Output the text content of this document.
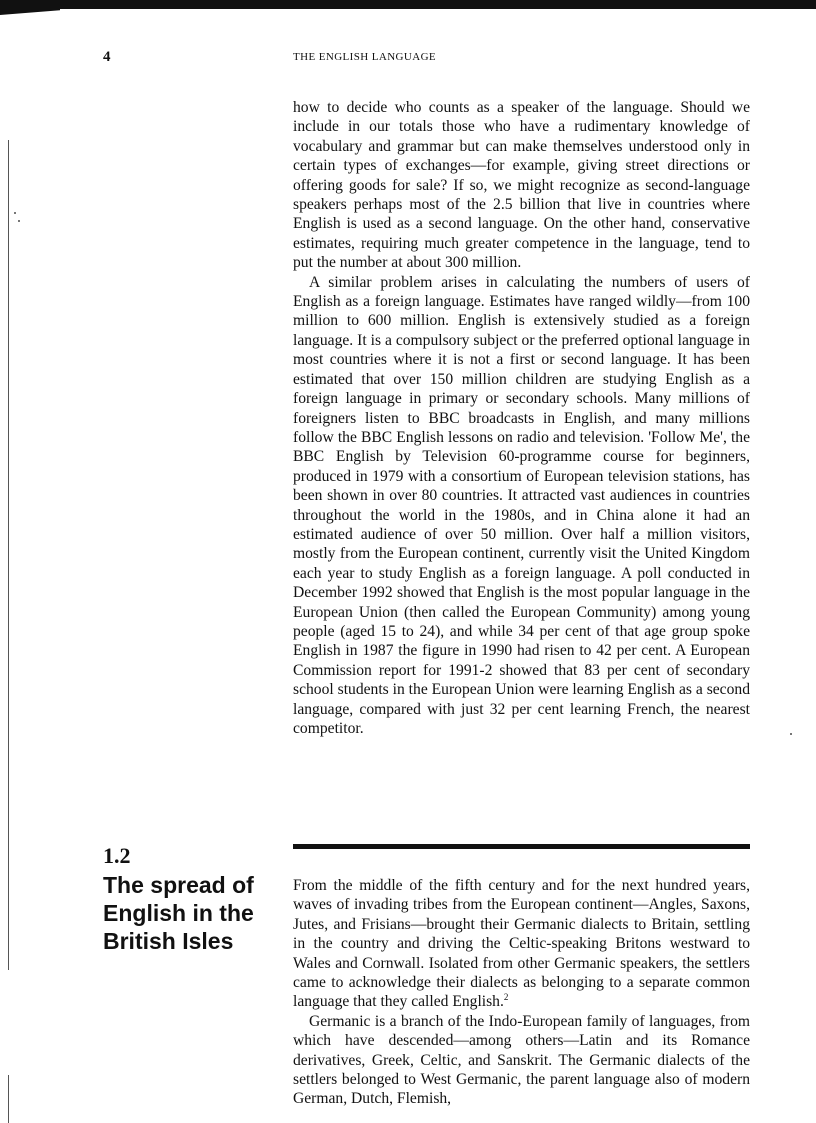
4	THE ENGLISH LANGUAGE

how to decide who counts as a speaker of the language. Should we include in our totals those who have a rudimentary knowledge of vocabulary and grammar but can make themselves understood only in certain types of exchanges—for example, giving street directions or offering goods for sale? If so, we might recognize as second-language speakers perhaps most of the 2.5 billion that live in countries where English is used as a second language. On the other hand, conservative estimates, requiring much greater competence in the language, tend to put the number at about 300 million.

A similar problem arises in calculating the numbers of users of English as a foreign language. Estimates have ranged wildly—from 100 million to 600 million. English is extensively studied as a foreign language. It is a compulsory subject or the preferred optional language in most countries where it is not a first or second language. It has been estimated that over 150 million children are studying English as a foreign language in primary or secondary schools. Many millions of foreigners listen to BBC broadcasts in English, and many millions follow the BBC English lessons on radio and television. 'Follow Me', the BBC English by Television 60-programme course for beginners, produced in 1979 with a consortium of European television stations, has been shown in over 80 countries. It attracted vast audiences in countries throughout the world in the 1980s, and in China alone it had an estimated audience of over 50 million. Over half a million visitors, mostly from the European continent, currently visit the United Kingdom each year to study English as a foreign language. A poll conducted in December 1992 showed that English is the most popular language in the European Union (then called the European Community) among young people (aged 15 to 24), and while 34 per cent of that age group spoke English in 1987 the figure in 1990 had risen to 42 per cent. A European Commission report for 1991-2 showed that 83 per cent of secondary school students in the European Union were learning English as a second language, compared with just 32 per cent learning French, the nearest competitor.

1.2
The spread of English in the British Isles

From the middle of the fifth century and for the next hundred years, waves of invading tribes from the European continent—Angles, Saxons, Jutes, and Frisians—brought their Germanic dialects to Britain, settling in the country and driving the Celtic-speaking Britons westward to Wales and Cornwall. Isolated from other Germanic speakers, the settlers came to acknowledge their dialects as belonging to a separate common language that they called English.$^2$

Germanic is a branch of the Indo-European family of languages, from which have descended—among others—Latin and its Romance derivatives, Greek, Celtic, and Sanskrit. The Germanic dialects of the settlers belonged to West Germanic, the parent language also of modern German, Dutch, Flemish,
